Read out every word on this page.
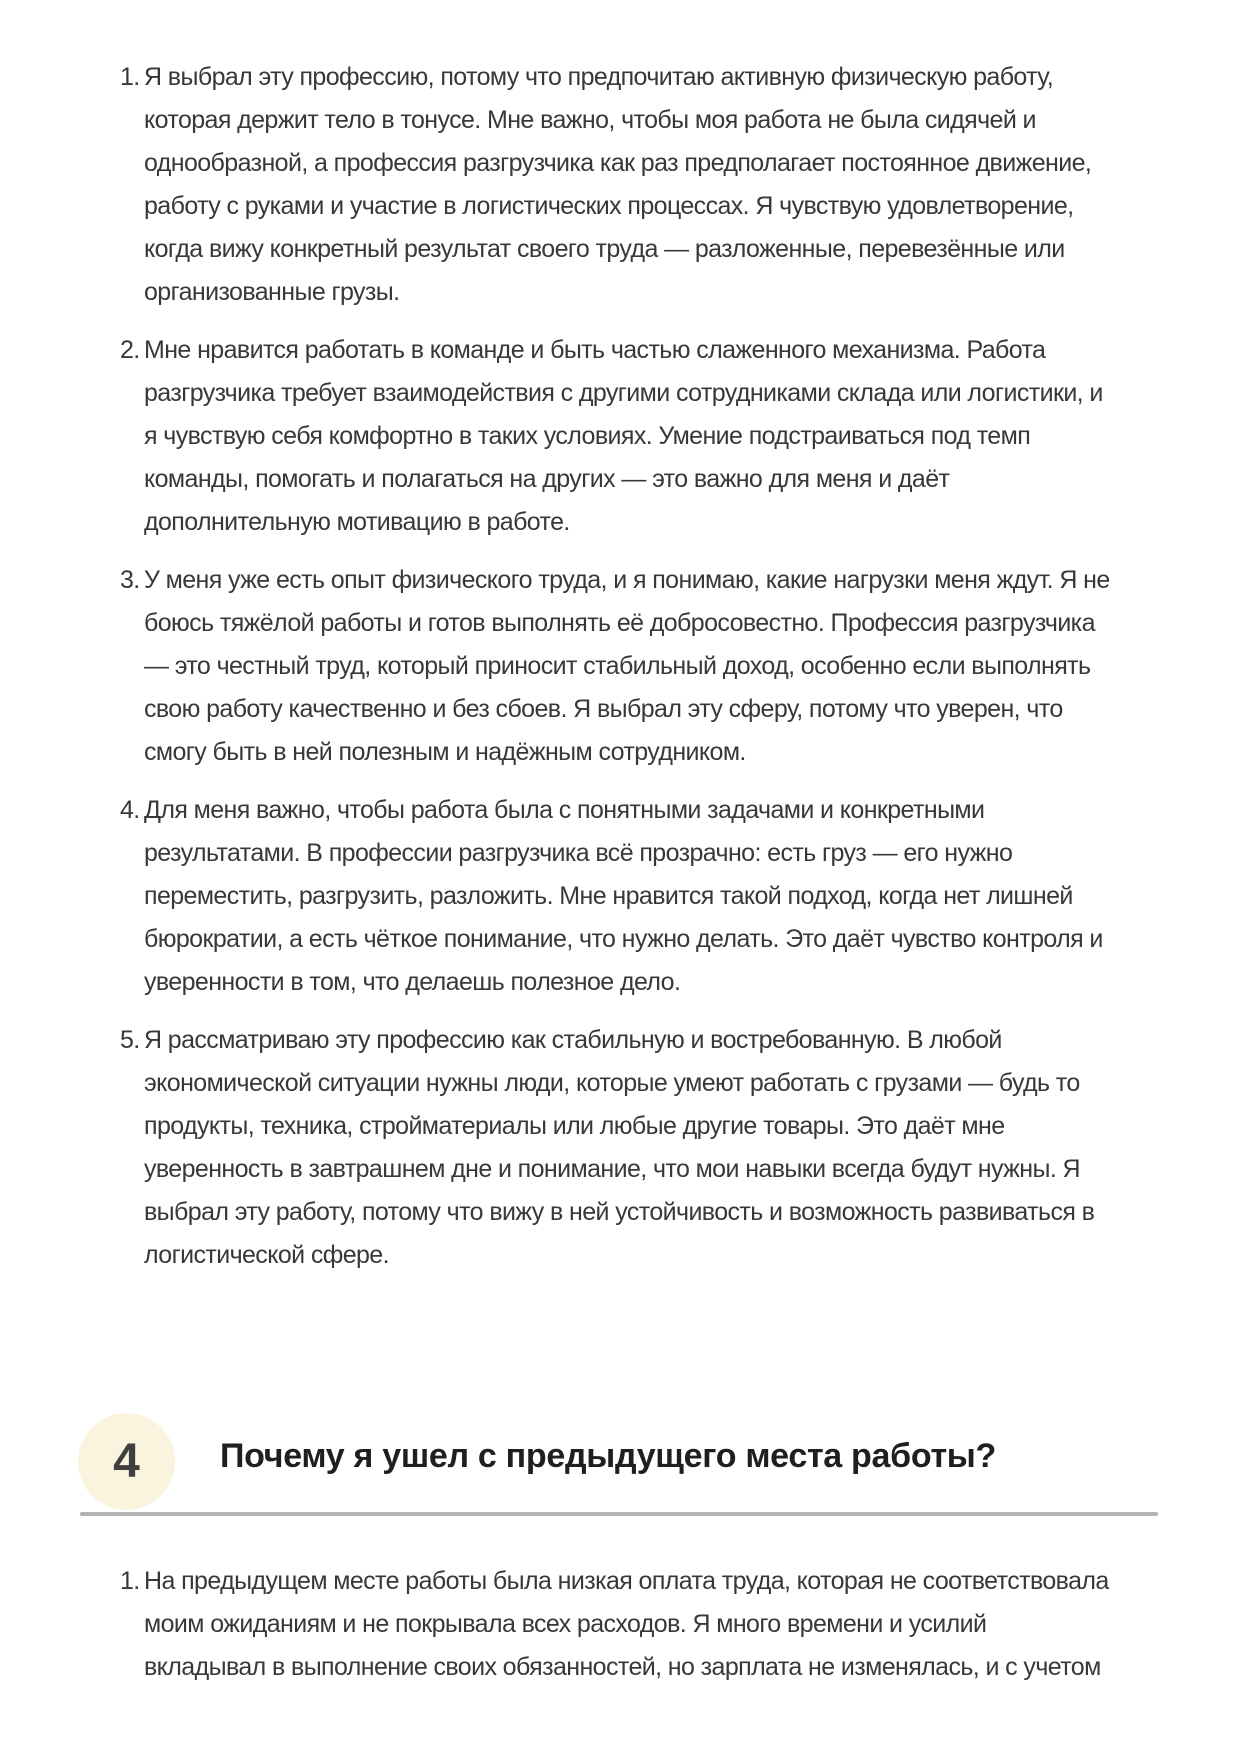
1. Я выбрал эту профессию, потому что предпочитаю активную физическую работу,
которая держит тело в тонусе. Мне важно, чтобы моя работа не была сидячей и
однообразной, а профессия разгрузчика как раз предполагает постоянное движение,
работу с руками и участие в логистических процессах. Я чувствую удовлетворение,
когда вижу конкретный результат своего труда — разложенные, перевезённые или
организованные грузы.
2. Мне нравится работать в команде и быть частью слаженного механизма. Работа
разгрузчика требует взаимодействия с другими сотрудниками склада или логистики, и
я чувствую себя комфортно в таких условиях. Умение подстраиваться под темп
команды, помогать и полагаться на других — это важно для меня и даёт
дополнительную мотивацию в работе.
3. У меня уже есть опыт физического труда, и я понимаю, какие нагрузки меня ждут. Я не
боюсь тяжёлой работы и готов выполнять её добросовестно. Профессия разгрузчика
— это честный труд, который приносит стабильный доход, особенно если выполнять
свою работу качественно и без сбоев. Я выбрал эту сферу, потому что уверен, что
смогу быть в ней полезным и надёжным сотрудником.
4. Для меня важно, чтобы работа была с понятными задачами и конкретными
результатами. В профессии разгрузчика всё прозрачно: есть груз — его нужно
переместить, разгрузить, разложить. Мне нравится такой подход, когда нет лишней
бюрократии, а есть чёткое понимание, что нужно делать. Это даёт чувство контроля и
уверенности в том, что делаешь полезное дело.
5. Я рассматриваю эту профессию как стабильную и востребованную. В любой
экономической ситуации нужны люди, которые умеют работать с грузами — будь то
продукты, техника, стройматериалы или любые другие товары. Это даёт мне
уверенность в завтрашнем дне и понимание, что мои навыки всегда будут нужны. Я
выбрал эту работу, потому что вижу в ней устойчивость и возможность развиваться в
логистической сфере.
4 Почему я ушел с предыдущего места работы?
1. На предыдущем месте работы была низкая оплата труда, которая не соответствовала
моим ожиданиям и не покрывала всех расходов. Я много времени и усилий
вкладывал в выполнение своих обязанностей, но зарплата не изменялась, и с учетом
